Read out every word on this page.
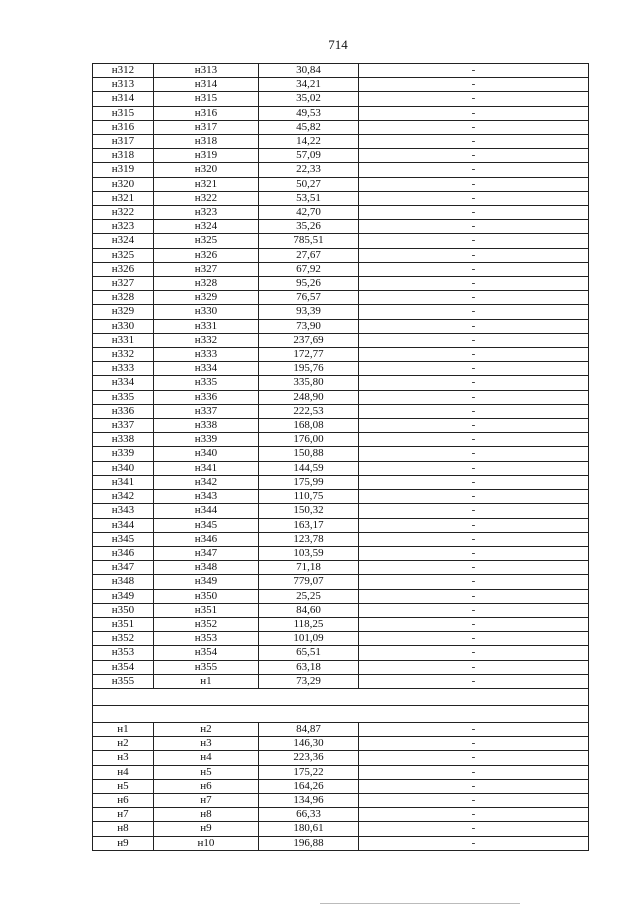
714
н312	н313	30,84	-
н313	н314	34,21	-
н314	н315	35,02	-
н315	н316	49,53	-
н316	н317	45,82	-
н317	н318	14,22	-
н318	н319	57,09	-
н319	н320	22,33	-
н320	н321	50,27	-
н321	н322	53,51	-
н322	н323	42,70	-
н323	н324	35,26	-
н324	н325	785,51	-
н325	н326	27,67	-
н326	н327	67,92	-
н327	н328	95,26	-
н328	н329	76,57	-
н329	н330	93,39	-
н330	н331	73,90	-
н331	н332	237,69	-
н332	н333	172,77	-
н333	н334	195,76	-
н334	н335	335,80	-
н335	н336	248,90	-
н336	н337	222,53	-
н337	н338	168,08	-
н338	н339	176,00	-
н339	н340	150,88	-
н340	н341	144,59	-
н341	н342	175,99	-
н342	н343	110,75	-
н343	н344	150,32	-
н344	н345	163,17	-
н345	н346	123,78	-
н346	н347	103,59	-
н347	н348	71,18	-
н348	н349	779,07	-
н349	н350	25,25	-
н350	н351	84,60	-
н351	н352	118,25	-
н352	н353	101,09	-
н353	н354	65,51	-
н354	н355	63,18	-
н355	н1	73,29	-

н1	н2	84,87	-
н2	н3	146,30	-
н3	н4	223,36	-
н4	н5	175,22	-
н5	н6	164,26	-
н6	н7	134,96	-
н7	н8	66,33	-
н8	н9	180,61	-
н9	н10	196,88	-
